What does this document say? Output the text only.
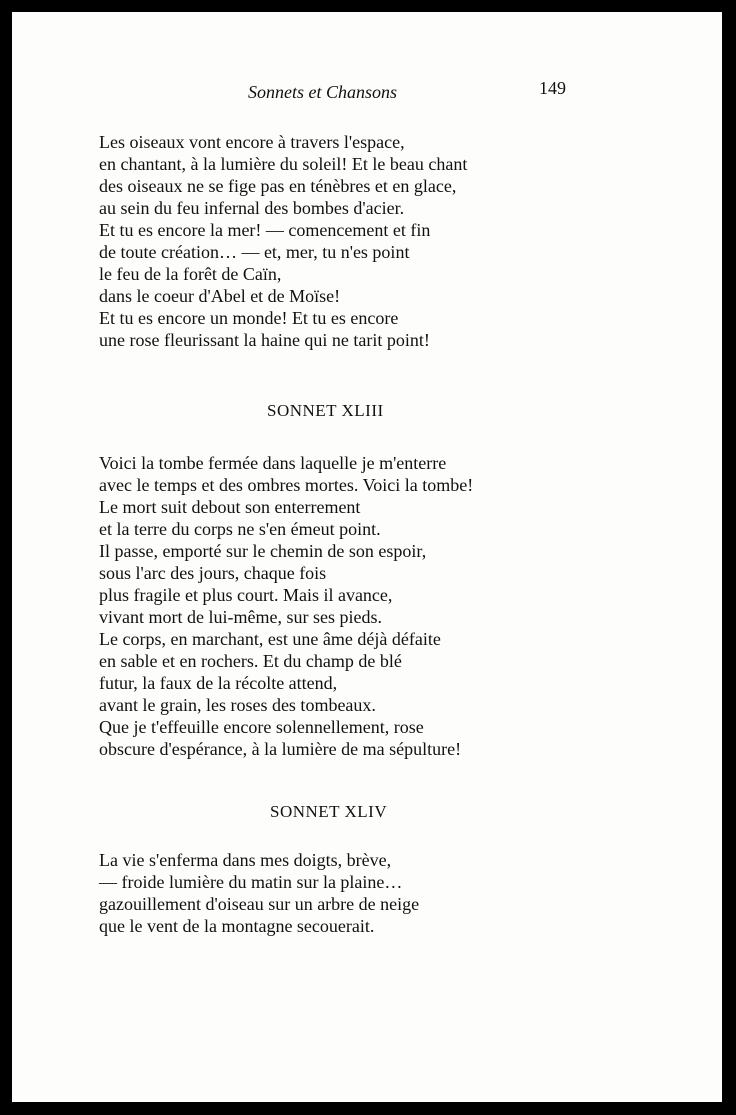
Sonnets et Chansons	149
Les oiseaux vont encore à travers l'espace,
en chantant, à la lumière du soleil! Et le beau chant
des oiseaux ne se fige pas en ténèbres et en glace,
au sein du feu infernal des bombes d'acier.
Et tu es encore la mer! — comencement et fin
de toute création… — et, mer, tu n'es point
le feu de la forêt de Caïn,
dans le coeur d'Abel et de Moïse!
Et tu es encore un monde! Et tu es encore
une rose fleurissant la haine qui ne tarit point!
SONNET XLIII
Voici la tombe fermée dans laquelle je m'enterre
avec le temps et des ombres mortes. Voici la tombe!
Le mort suit debout son enterrement
et la terre du corps ne s'en émeut point.
Il passe, emporté sur le chemin de son espoir,
sous l'arc des jours, chaque fois
plus fragile et plus court. Mais il avance,
vivant mort de lui-même, sur ses pieds.
Le corps, en marchant, est une âme déjà défaite
en sable et en rochers. Et du champ de blé
futur, la faux de la récolte attend,
avant le grain, les roses des tombeaux.
Que je t'effeuille encore solennellement, rose
obscure d'espérance, à la lumière de ma sépulture!
SONNET XLIV
La vie s'enferma dans mes doigts, brève,
— froide lumière du matin sur la plaine…
gazouillement d'oiseau sur un arbre de neige
que le vent de la montagne secouerait.
